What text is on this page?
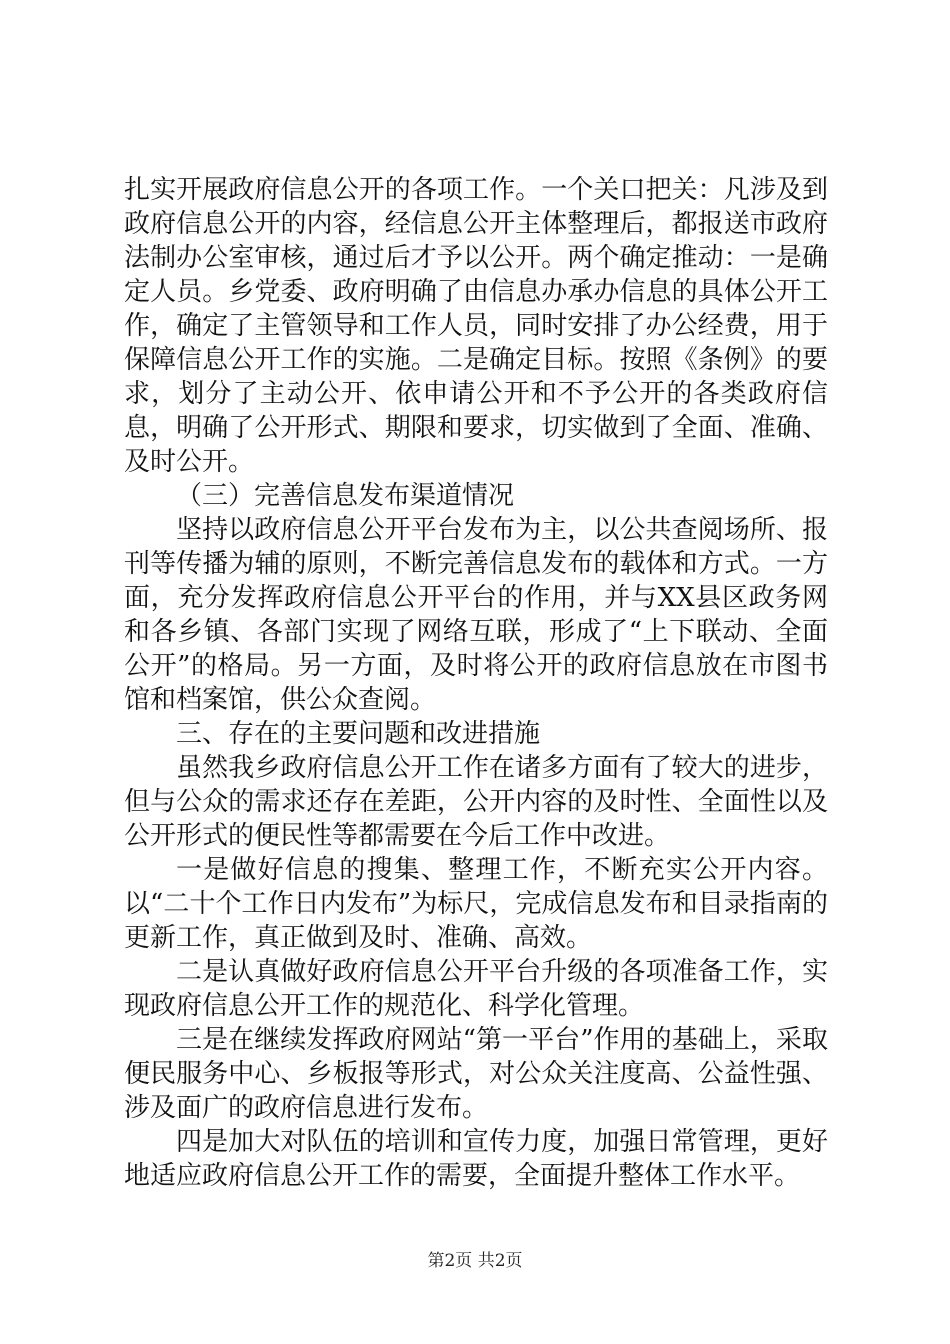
扎实开展政府信息公开的各项工作。一个关口把关：凡涉及到政府信息公开的内容，经信息公开主体整理后，都报送市政府法制办公室审核，通过后才予以公开。两个确定推动：一是确定人员。乡党委、政府明确了由信息办承办信息的具体公开工作，确定了主管领导和工作人员，同时安排了办公经费，用于保障信息公开工作的实施。二是确定目标。按照《条例》的要求，划分了主动公开、依申请公开和不予公开的各类政府信息，明确了公开形式、期限和要求，切实做到了全面、准确、及时公开。

（三）完善信息发布渠道情况

坚持以政府信息公开平台发布为主，以公共查阅场所、报刊等传播为辅的原则，不断完善信息发布的载体和方式。一方面，充分发挥政府信息公开平台的作用，并与XX县区政务网和各乡镇、各部门实现了网络互联，形成了“上下联动、全面公开”的格局。另一方面，及时将公开的政府信息放在市图书馆和档案馆，供公众查阅。

三、存在的主要问题和改进措施

虽然我乡政府信息公开工作在诸多方面有了较大的进步，但与公众的需求还存在差距，公开内容的及时性、全面性以及公开形式的便民性等都需要在今后工作中改进。

一是做好信息的搜集、整理工作，不断充实公开内容。以“二十个工作日内发布”为标尺，完成信息发布和目录指南的更新工作，真正做到及时、准确、高效。

二是认真做好政府信息公开平台升级的各项准备工作，实现政府信息公开工作的规范化、科学化管理。

三是在继续发挥政府网站“第一平台”作用的基础上，采取便民服务中心、乡板报等形式，对公众关注度高、公益性强、涉及面广的政府信息进行发布。

四是加大对队伍的培训和宣传力度，加强日常管理，更好地适应政府信息公开工作的需要，全面提升整体工作水平。

第2页 共2页
